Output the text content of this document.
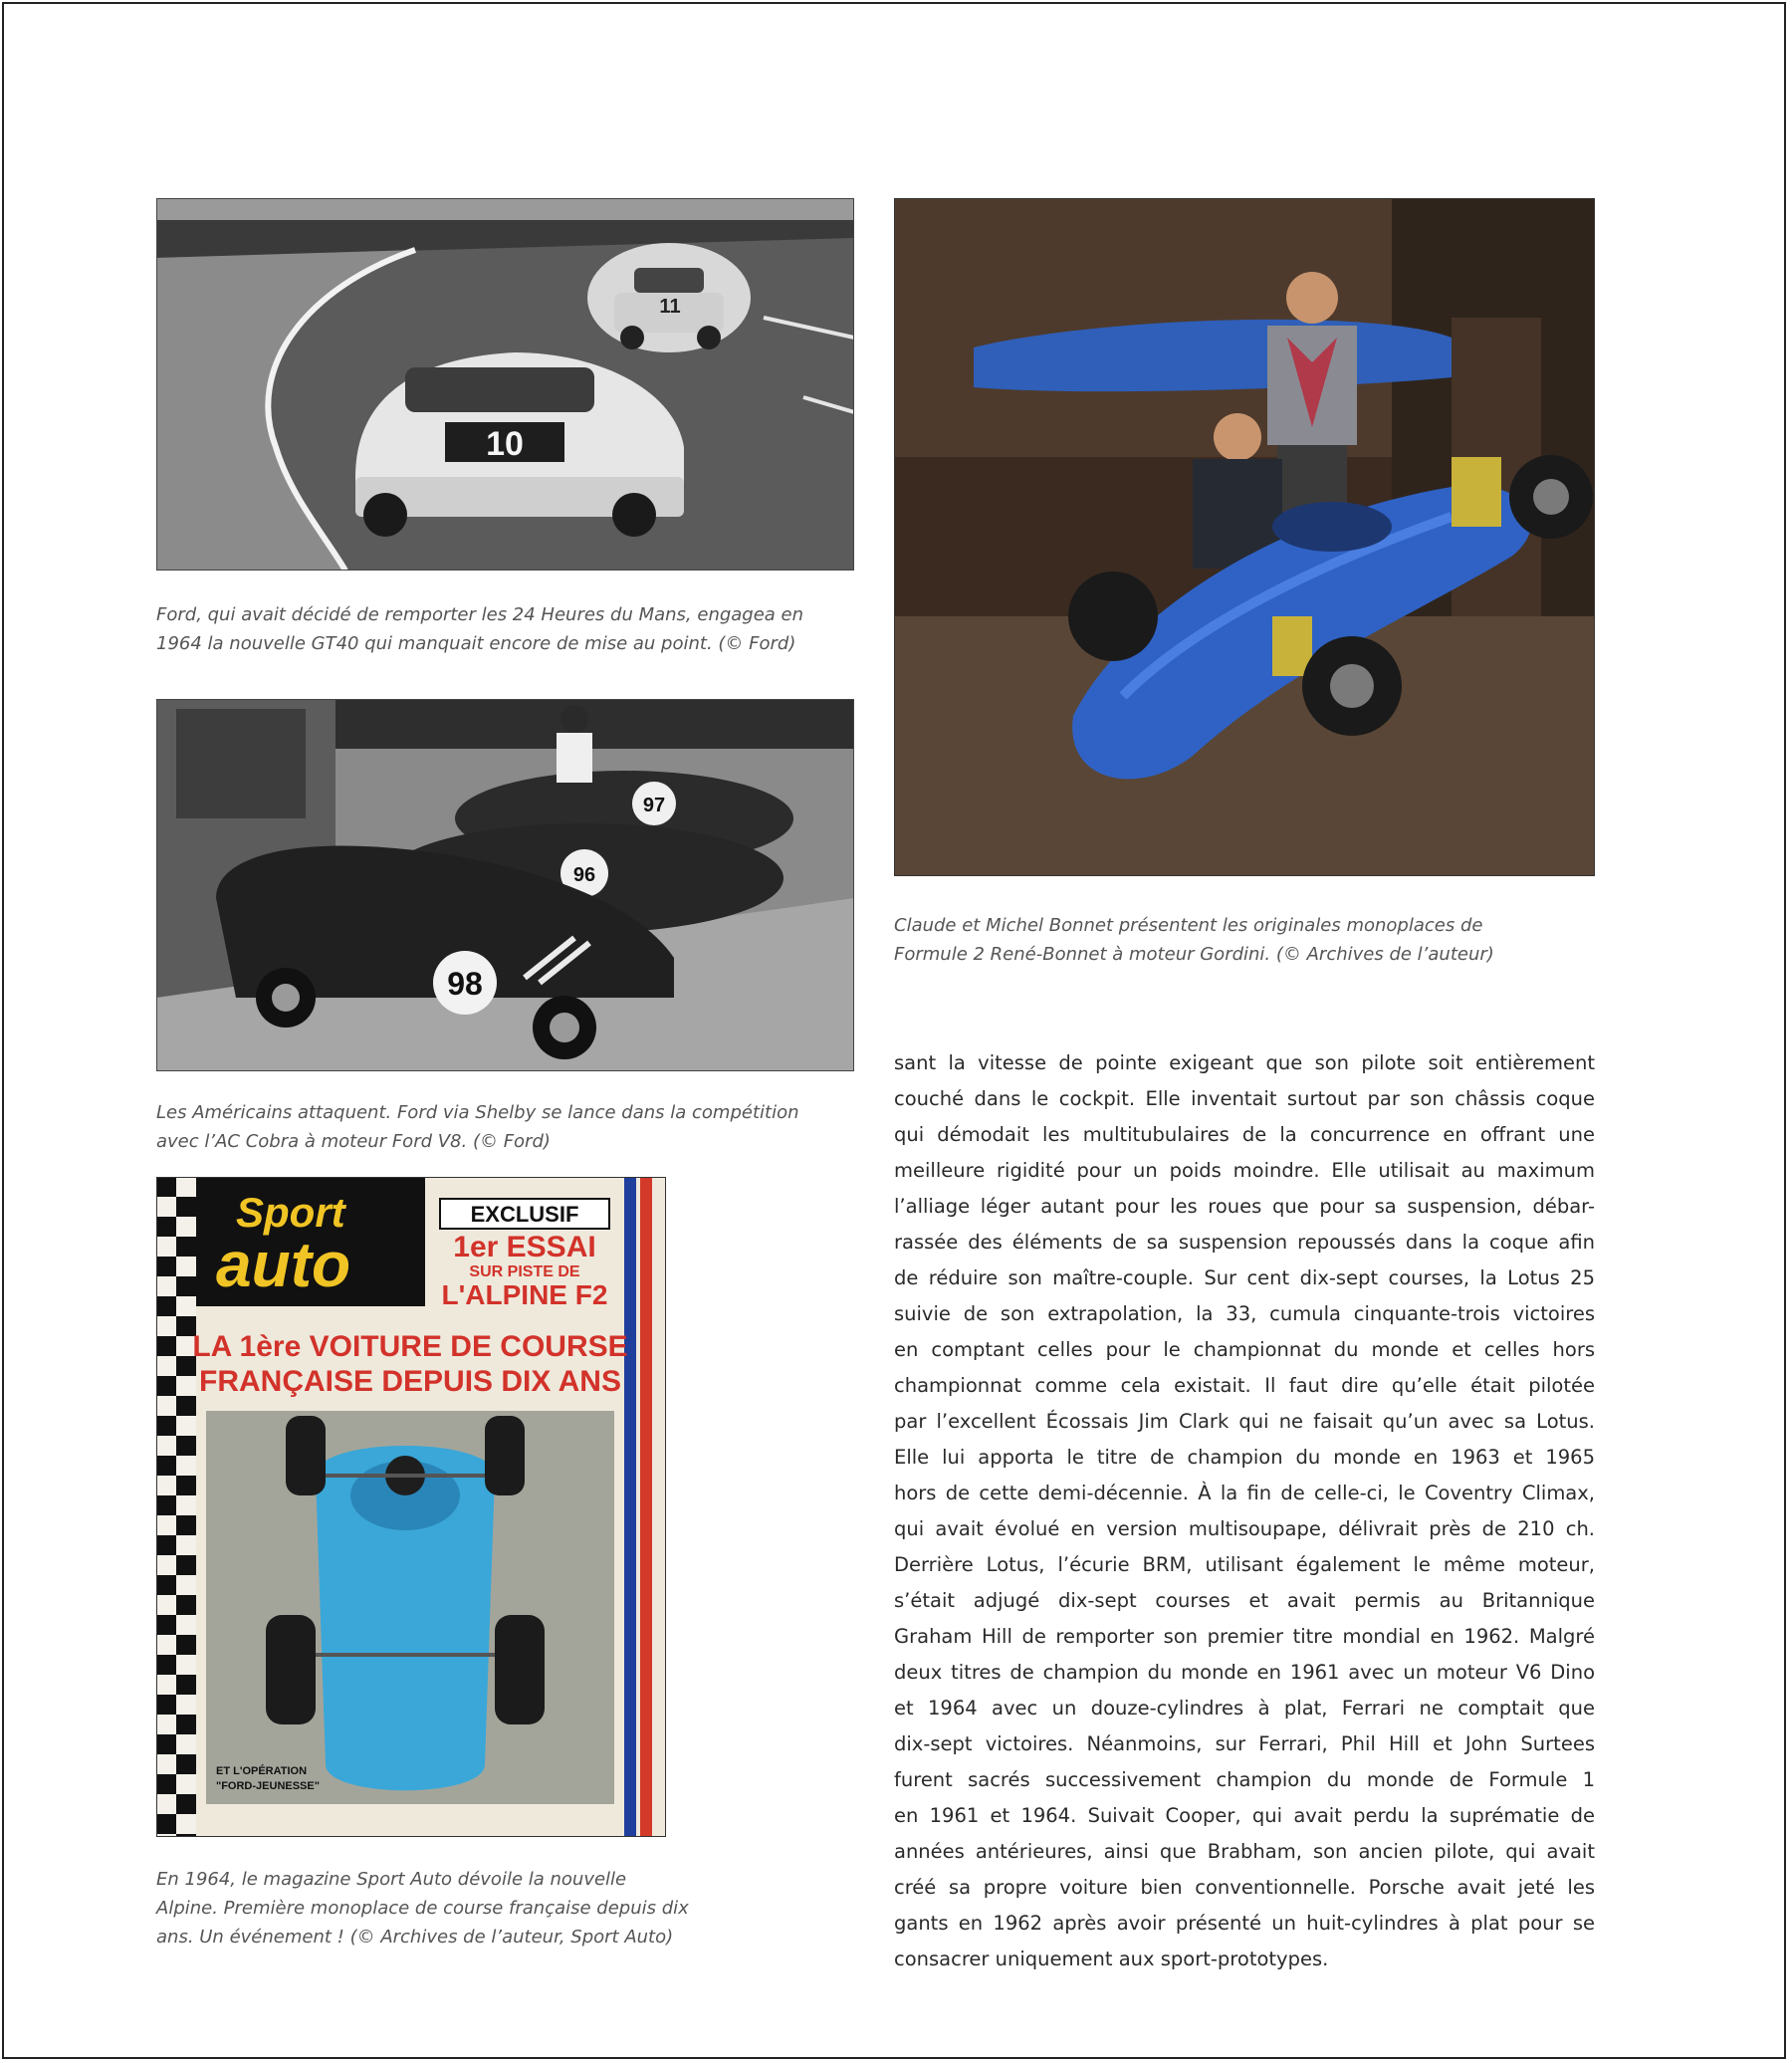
11
10
Ford, qui avait décidé de remporter les 24 Heures du Mans, engagea en
1964 la nouvelle GT40 qui manquait encore de mise au point. (© Ford)
97
96
98
Les Américains attaquent. Ford via Shelby se lance dans la compétition
avec l’AC Cobra à moteur Ford V8. (© Ford)
Claude et Michel Bonnet présentent les originales monoplaces de
Formule 2 René-Bonnet à moteur Gordini. (© Archives de l’auteur)
Sport
auto
EXCLUSIF
1er ESSAI
SUR PISTE DE
L'ALPINE F2
LA 1ère VOITURE DE COURSE
FRANÇAISE DEPUIS DIX ANS
ET L'OPÉRATION
"FORD-JEUNESSE"
En 1964, le magazine Sport Auto dévoile la nouvelle
Alpine. Première monoplace de course française depuis dix
ans. Un événement ! (© Archives de l’auteur, Sport Auto)
sant la vitesse de pointe exigeant que son pilote soit entièrement
couché dans le cockpit. Elle inventait surtout par son châssis coque
qui démodait les multitubulaires de la concurrence en offrant une
meilleure rigidité pour un poids moindre. Elle utilisait au maximum
l’alliage léger autant pour les roues que pour sa suspension, débar-
rassée des éléments de sa suspension repoussés dans la coque afin
de réduire son maître-couple. Sur cent dix-sept courses, la Lotus 25
suivie de son extrapolation, la 33, cumula cinquante-trois victoires
en comptant celles pour le championnat du monde et celles hors
championnat comme cela existait. Il faut dire qu’elle était pilotée
par l’excellent Écossais Jim Clark qui ne faisait qu’un avec sa Lotus.
Elle lui apporta le titre de champion du monde en 1963 et 1965
hors de cette demi-décennie. À la fin de celle-ci, le Coventry Climax,
qui avait évolué en version multisoupape, délivrait près de 210 ch.
Derrière Lotus, l’écurie BRM, utilisant également le même moteur,
s’était adjugé dix-sept courses et avait permis au Britannique
Graham Hill de remporter son premier titre mondial en 1962. Malgré
deux titres de champion du monde en 1961 avec un moteur V6 Dino
et 1964 avec un douze-cylindres à plat, Ferrari ne comptait que
dix-sept victoires. Néanmoins, sur Ferrari, Phil Hill et John Surtees
furent sacrés successivement champion du monde de Formule 1
en 1961 et 1964. Suivait Cooper, qui avait perdu la suprématie de
années antérieures, ainsi que Brabham, son ancien pilote, qui avait
créé sa propre voiture bien conventionnelle. Porsche avait jeté les
gants en 1962 après avoir présenté un huit-cylindres à plat pour se
consacrer uniquement aux sport-prototypes.
